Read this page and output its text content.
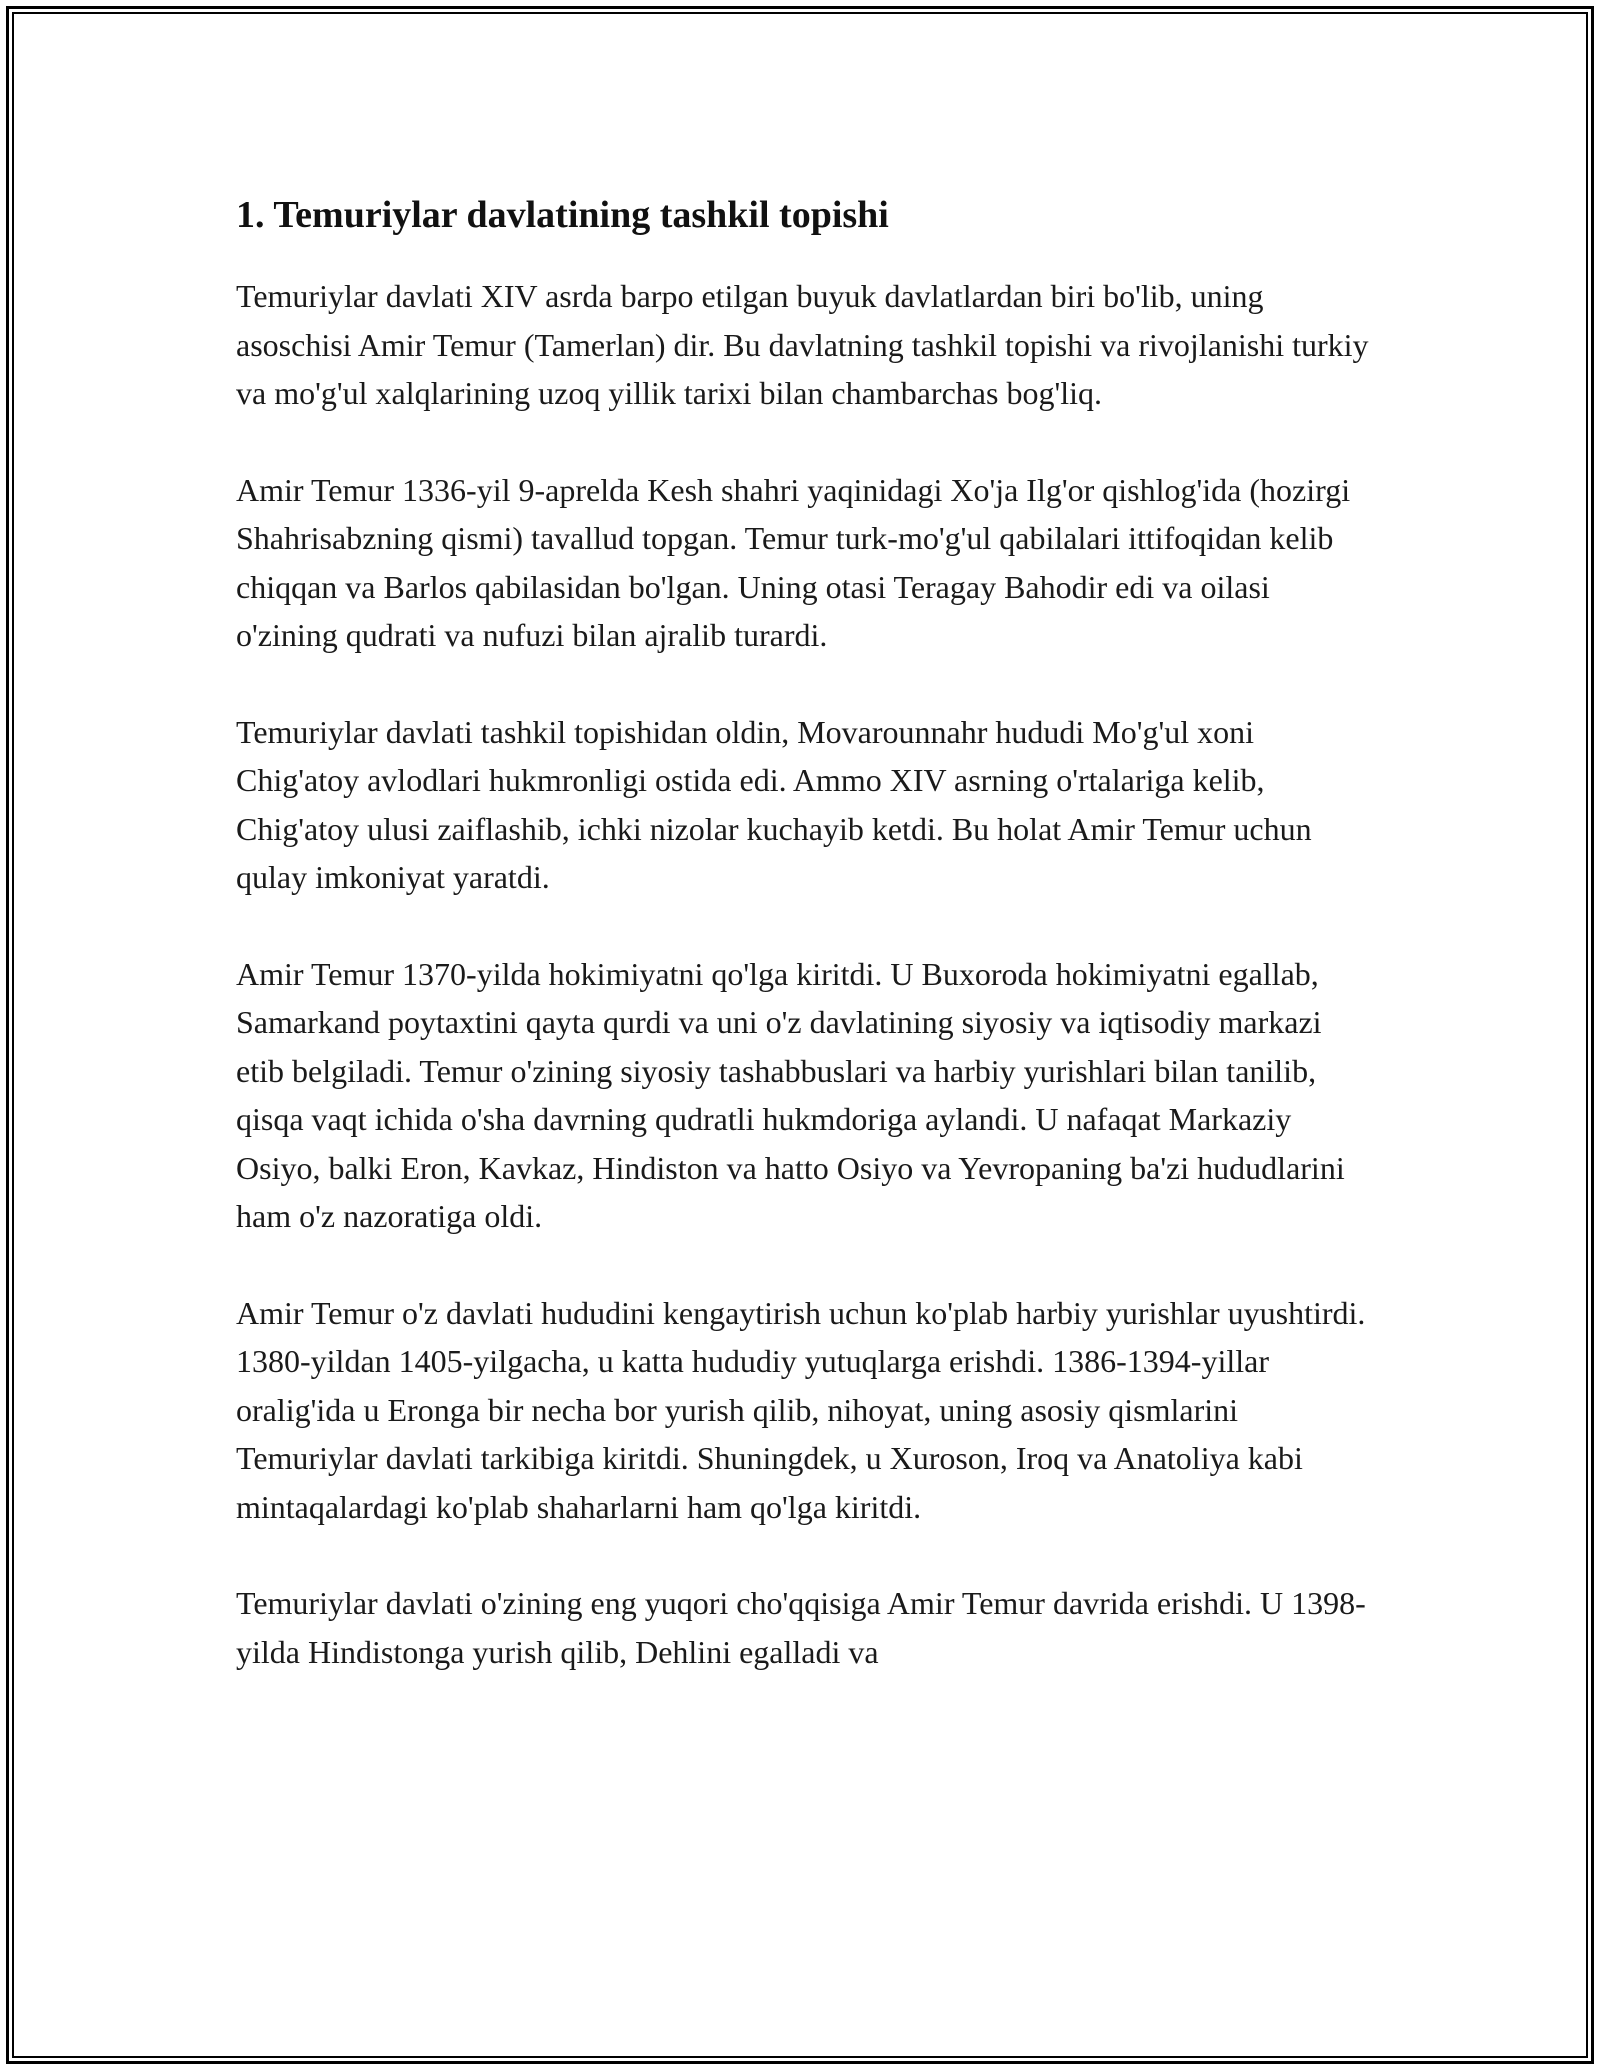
1. Temuriylar davlatining tashkil topishi

Temuriylar davlati XIV asrda barpo etilgan buyuk davlatlardan biri bo'lib, uning asoschisi Amir Temur (Tamerlan) dir. Bu davlatning tashkil topishi va rivojlanishi turkiy va mo'g'ul xalqlarining uzoq yillik tarixi bilan chambarchas bog'liq.

Amir Temur 1336-yil 9-aprelda Kesh shahri yaqinidagi Xo'ja Ilg'or qishlog'ida (hozirgi Shahrisabzning qismi) tavallud topgan. Temur turk-mo'g'ul qabilalari ittifoqidan kelib chiqqan va Barlos qabilasidan bo'lgan. Uning otasi Teragay Bahodir edi va oilasi o'zining qudrati va nufuzi bilan ajralib turardi.

Temuriylar davlati tashkil topishidan oldin, Movarounnahr hududi Mo'g'ul xoni Chig'atoy avlodlari hukmronligi ostida edi. Ammo XIV asrning o'rtalariga kelib, Chig'atoy ulusi zaiflashib, ichki nizolar kuchayib ketdi. Bu holat Amir Temur uchun qulay imkoniyat yaratdi.

Amir Temur 1370-yilda hokimiyatni qo'lga kiritdi. U Buxoroda hokimiyatni egallab, Samarkand poytaxtini qayta qurdi va uni o'z davlatining siyosiy va iqtisodiy markazi etib belgiladi. Temur o'zining siyosiy tashabbuslari va harbiy yurishlari bilan tanilib, qisqa vaqt ichida o'sha davrning qudratli hukmdoriga aylandi. U nafaqat Markaziy Osiyo, balki Eron, Kavkaz, Hindiston va hatto Osiyo va Yevropaning ba'zi hududlarini ham o'z nazoratiga oldi.

Amir Temur o'z davlati hududini kengaytirish uchun ko'plab harbiy yurishlar uyushtirdi. 1380-yildan 1405-yilgacha, u katta hududiy yutuqlarga erishdi. 1386-1394-yillar oralig'ida u Eronga bir necha bor yurish qilib, nihoyat, uning asosiy qismlarini Temuriylar davlati tarkibiga kiritdi. Shuningdek, u Xuroson, Iroq va Anatoliya kabi mintaqalardagi ko'plab shaharlarni ham qo'lga kiritdi.

Temuriylar davlati o'zining eng yuqori cho'qqisiga Amir Temur davrida erishdi. U 1398-yilda Hindistonga yurish qilib, Dehlini egalladi va
